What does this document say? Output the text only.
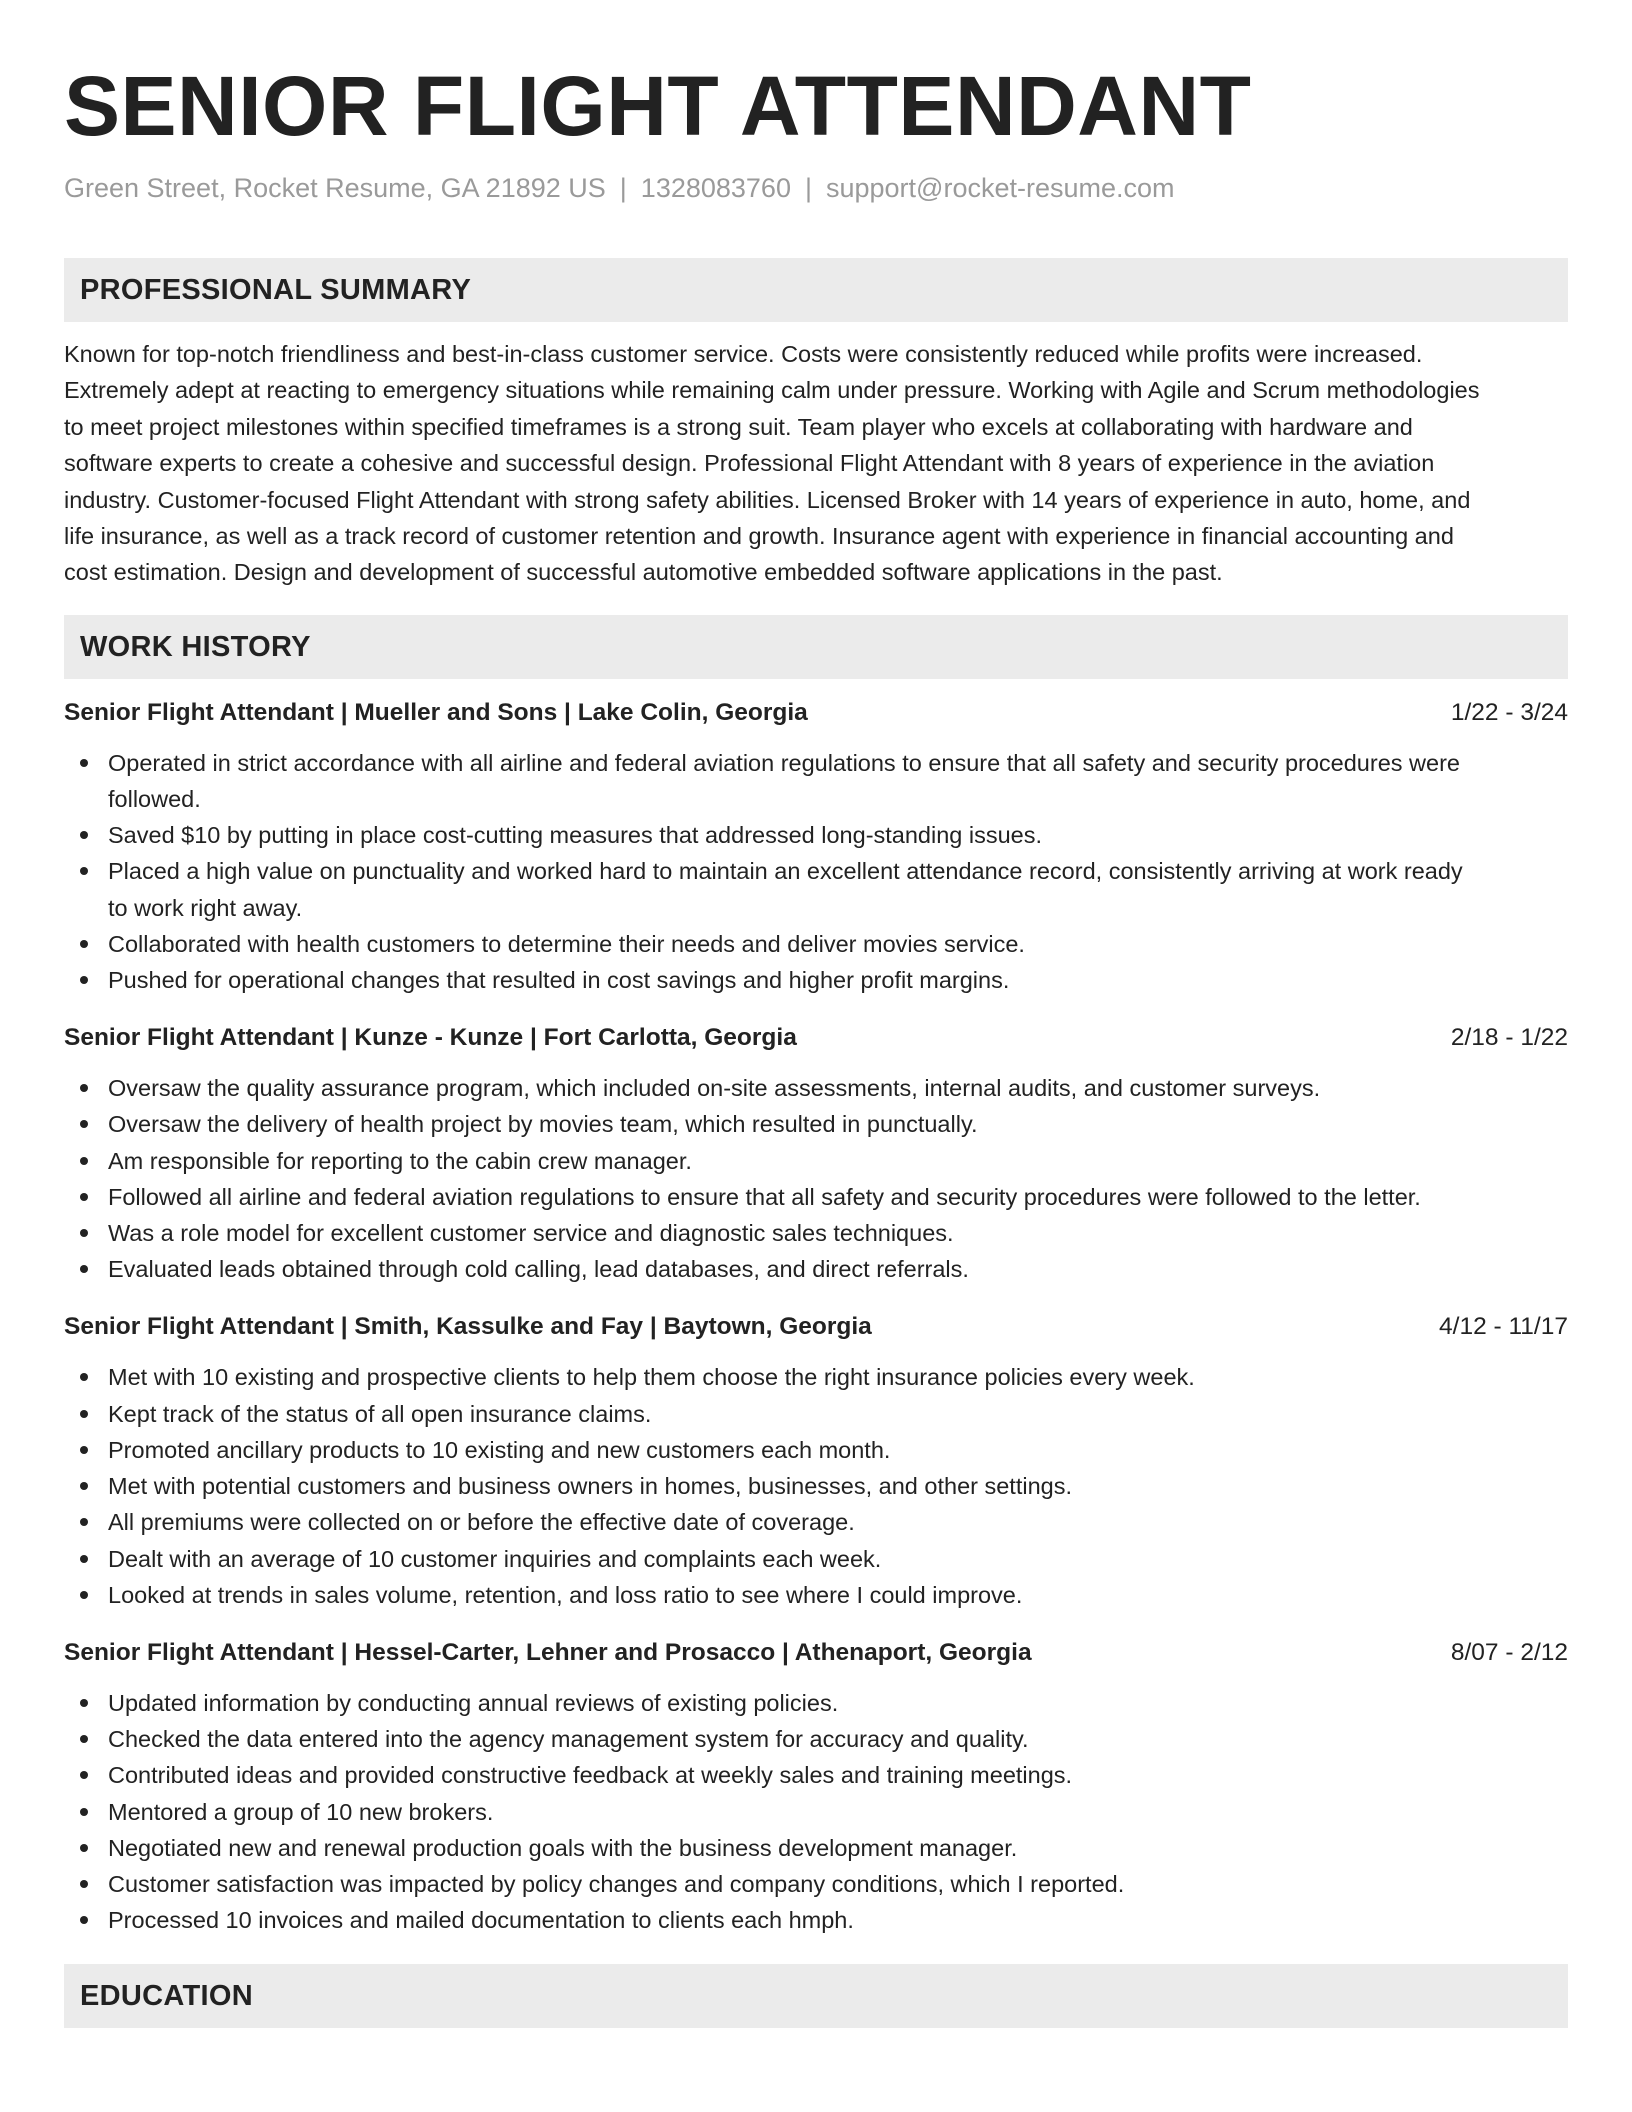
SENIOR FLIGHT ATTENDANT
Green Street, Rocket Resume, GA 21892 US | 1328083760 | support@rocket-resume.com
PROFESSIONAL SUMMARY
Known for top-notch friendliness and best-in-class customer service. Costs were consistently reduced while profits were increased.
Extremely adept at reacting to emergency situations while remaining calm under pressure. Working with Agile and Scrum methodologies
to meet project milestones within specified timeframes is a strong suit. Team player who excels at collaborating with hardware and
software experts to create a cohesive and successful design. Professional Flight Attendant with 8 years of experience in the aviation
industry. Customer-focused Flight Attendant with strong safety abilities. Licensed Broker with 14 years of experience in auto, home, and
life insurance, as well as a track record of customer retention and growth. Insurance agent with experience in financial accounting and
cost estimation. Design and development of successful automotive embedded software applications in the past.
WORK HISTORY
Senior Flight Attendant | Mueller and Sons | Lake Colin, Georgia	1/22 - 3/24
Operated in strict accordance with all airline and federal aviation regulations to ensure that all safety and security procedures were
followed.
Saved $10 by putting in place cost-cutting measures that addressed long-standing issues.
Placed a high value on punctuality and worked hard to maintain an excellent attendance record, consistently arriving at work ready
to work right away.
Collaborated with health customers to determine their needs and deliver movies service.
Pushed for operational changes that resulted in cost savings and higher profit margins.
Senior Flight Attendant | Kunze - Kunze | Fort Carlotta, Georgia	2/18 - 1/22
Oversaw the quality assurance program, which included on-site assessments, internal audits, and customer surveys.
Oversaw the delivery of health project by movies team, which resulted in punctually.
Am responsible for reporting to the cabin crew manager.
Followed all airline and federal aviation regulations to ensure that all safety and security procedures were followed to the letter.
Was a role model for excellent customer service and diagnostic sales techniques.
Evaluated leads obtained through cold calling, lead databases, and direct referrals.
Senior Flight Attendant | Smith, Kassulke and Fay | Baytown, Georgia	4/12 - 11/17
Met with 10 existing and prospective clients to help them choose the right insurance policies every week.
Kept track of the status of all open insurance claims.
Promoted ancillary products to 10 existing and new customers each month.
Met with potential customers and business owners in homes, businesses, and other settings.
All premiums were collected on or before the effective date of coverage.
Dealt with an average of 10 customer inquiries and complaints each week.
Looked at trends in sales volume, retention, and loss ratio to see where I could improve.
Senior Flight Attendant | Hessel-Carter, Lehner and Prosacco | Athenaport, Georgia	8/07 - 2/12
Updated information by conducting annual reviews of existing policies.
Checked the data entered into the agency management system for accuracy and quality.
Contributed ideas and provided constructive feedback at weekly sales and training meetings.
Mentored a group of 10 new brokers.
Negotiated new and renewal production goals with the business development manager.
Customer satisfaction was impacted by policy changes and company conditions, which I reported.
Processed 10 invoices and mailed documentation to clients each hmph.
EDUCATION
